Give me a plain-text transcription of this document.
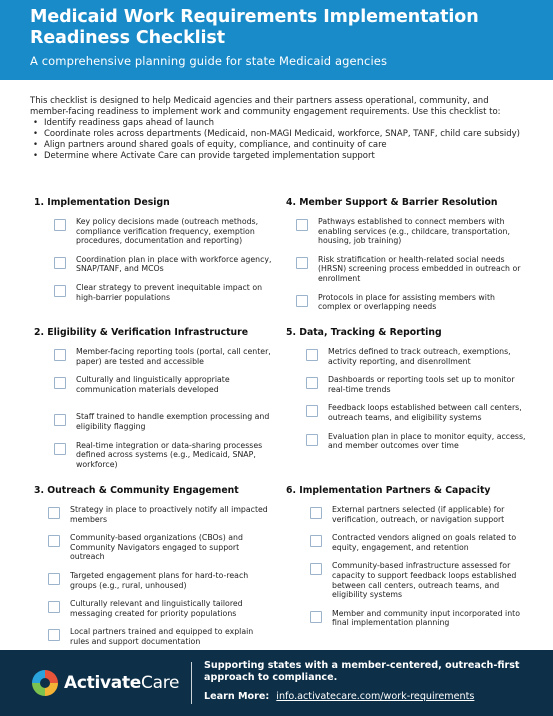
Medicaid Work Requirements Implementation
Readiness Checklist
A comprehensive planning guide for state Medicaid agencies

This checklist is designed to help Medicaid agencies and their partners assess operational, community, and member-facing readiness to implement work and community engagement requirements. Use this checklist to:

• Identify readiness gaps ahead of launch
• Coordinate roles across departments (Medicaid, non-MAGI Medicaid, workforce, SNAP, TANF, child care subsidy)
• Align partners around shared goals of equity, compliance, and continuity of care
• Determine where Activate Care can provide targeted implementation support
1. Implementation Design
Key policy decisions made (outreach methods, compliance verification frequency, exemption procedures, documentation and reporting)
Coordination plan in place with workforce agency, SNAP/TANF, and MCOs
Clear strategy to prevent inequitable impact on high-barrier populations
2. Eligibility & Verification Infrastructure
Member-facing reporting tools (portal, call center, paper) are tested and accessible
Culturally and linguistically appropriate communication materials developed
Staff trained to handle exemption processing and eligibility flagging
Real-time integration or data-sharing processes defined across systems (e.g., Medicaid, SNAP, workforce)
3. Outreach & Community Engagement
Strategy in place to proactively notify all impacted members
Community-based organizations (CBOs) and Community Navigators engaged to support outreach
Targeted engagement plans for hard-to-reach groups (e.g., rural, unhoused)
Culturally relevant and linguistically tailored messaging created for priority populations
Local partners trained and equipped to explain rules and support documentation
4. Member Support & Barrier Resolution
Pathways established to connect members with enabling services (e.g., childcare, transportation, housing, job training)
Risk stratification or health-related social needs (HRSN) screening process embedded in outreach or enrollment
Protocols in place for assisting members with complex or overlapping needs
5. Data, Tracking & Reporting
Metrics defined to track outreach, exemptions, activity reporting, and disenrollment
Dashboards or reporting tools set up to monitor real-time trends
Feedback loops established between call centers, outreach teams, and eligibility systems
Evaluation plan in place to monitor equity, access, and member outcomes over time
6. Implementation Partners & Capacity
External partners selected (if applicable) for verification, outreach, or navigation support
Contracted vendors aligned on goals related to equity, engagement, and retention
Community-based infrastructure assessed for capacity to support feedback loops established between call centers, outreach teams, and eligibility systems
Member and community input incorporated into final implementation planning
ActivateCare
Supporting states with a member-centered, outreach-first approach to compliance.
Learn More: info.activatecare.com/work-requirements
